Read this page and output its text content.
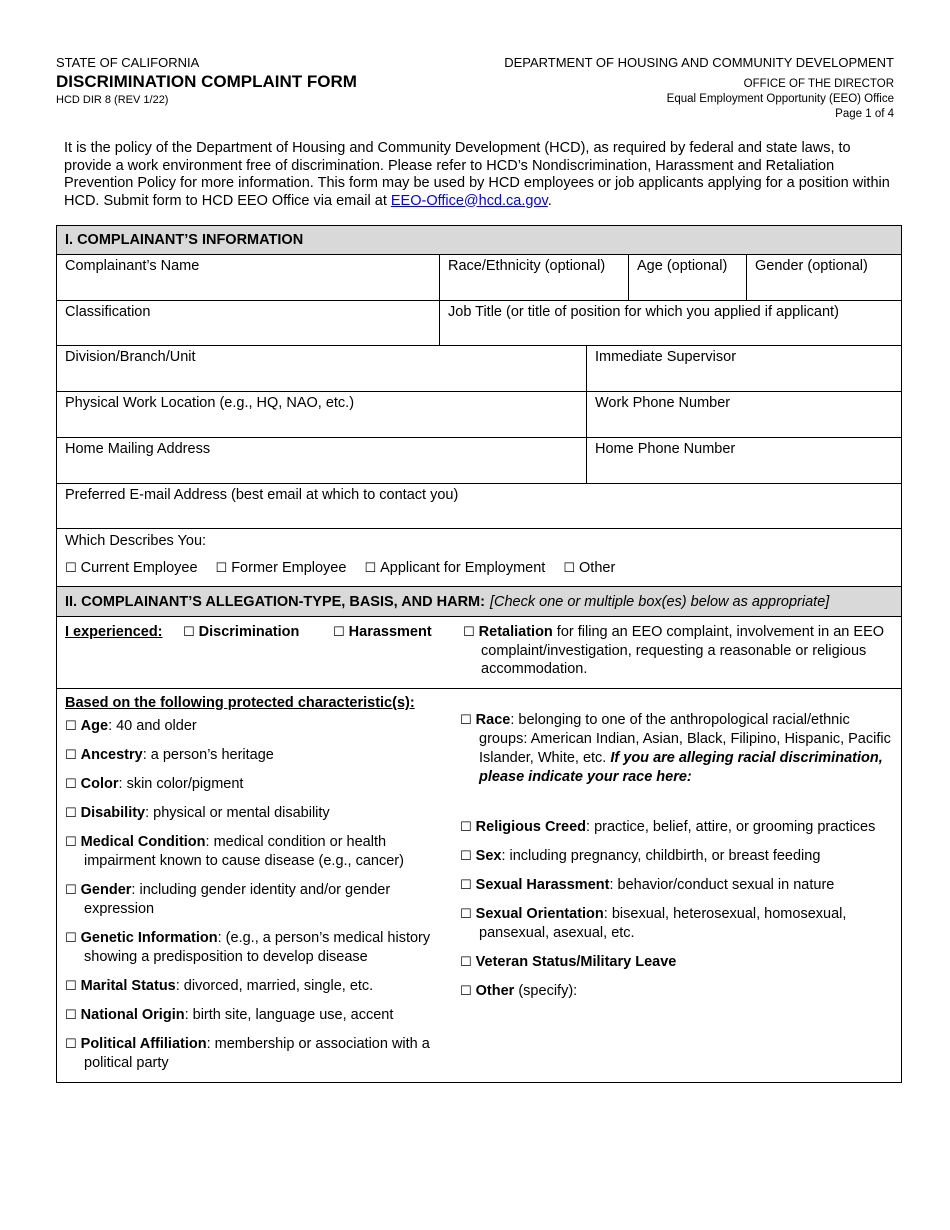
STATE OF CALIFORNIA
DISCRIMINATION COMPLAINT FORM
HCD DIR 8 (REV 1/22)
DEPARTMENT OF HOUSING AND COMMUNITY DEVELOPMENT
OFFICE OF THE DIRECTOR
Equal Employment Opportunity (EEO) Office
Page 1 of 4
It is the policy of the Department of Housing and Community Development (HCD), as required by federal and state laws, to provide a work environment free of discrimination. Please refer to HCD’s Nondiscrimination, Harassment and Retaliation Prevention Policy for more information. This form may be used by HCD employees or job applicants applying for a position within HCD. Submit form to HCD EEO Office via email at EEO-Office@hcd.ca.gov.
I. COMPLAINANT’S INFORMATION
Complainant’s Name	Race/Ethnicity (optional)	Age (optional)	Gender (optional)
Classification	Job Title (or title of position for which you applied if applicant)
Division/Branch/Unit	Immediate Supervisor
Physical Work Location (e.g., HQ, NAO, etc.)	Work Phone Number
Home Mailing Address	Home Phone Number
Preferred E-mail Address (best email at which to contact you)
Which Describes You:
☐ Current Employee ☐ Former Employee ☐ Applicant for Employment ☐ Other
II. COMPLAINANT’S ALLEGATION-TYPE, BASIS, AND HARM: [Check one or multiple box(es) below as appropriate]
I experienced:	☐ Discrimination	☐ Harassment	☐ Retaliation for filing an EEO complaint, involvement in an EEO complaint/investigation, requesting a reasonable or religious accommodation.
Based on the following protected characteristic(s):
☐ Age: 40 and older
☐ Ancestry: a person’s heritage
☐ Color: skin color/pigment
☐ Disability: physical or mental disability
☐ Medical Condition: medical condition or health impairment known to cause disease (e.g., cancer)
☐ Gender: including gender identity and/or gender expression
☐ Genetic Information: (e.g., a person’s medical history showing a predisposition to develop disease
☐ Marital Status: divorced, married, single, etc.
☐ National Origin: birth site, language use, accent
☐ Political Affiliation: membership or association with a political party
☐ Race: belonging to one of the anthropological racial/ethnic groups: American Indian, Asian, Black, Filipino, Hispanic, Pacific Islander, White, etc. If you are alleging racial discrimination, please indicate your race here:
☐ Religious Creed: practice, belief, attire, or grooming practices
☐ Sex: including pregnancy, childbirth, or breast feeding
☐ Sexual Harassment: behavior/conduct sexual in nature
☐ Sexual Orientation: bisexual, heterosexual, homosexual, pansexual, asexual, etc.
☐ Veteran Status/Military Leave
☐ Other (specify):
